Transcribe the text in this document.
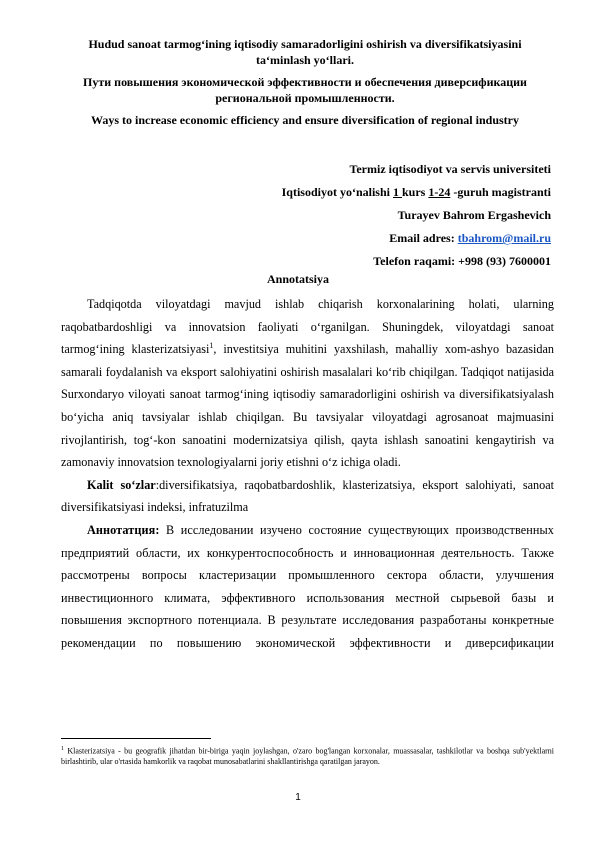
Hudud sanoat tarmog‘ining iqtisodiy samaradorligini oshirish va diversifikatsiyasini ta‘minlash yo‘llari.

Пути повышения экономической эффективности и обеспечения диверсификации региональной промышленности.

Ways to increase economic efficiency and ensure diversification of regional industry

Termiz iqtisodiyot va servis universiteti
Iqtisodiyot yo‘nalishi 1 kurs 1-24 -guruh magistranti
Turayev Bahrom Ergashevich
Email adres: tbahrom@mail.ru
Telefon raqami: +998 (93) 7600001
Annotatsiya

Tadqiqotda viloyatdagi mavjud ishlab chiqarish korxonalarining holati, ularning raqobatbardoshligi va innovatsion faoliyati o‘rganilgan. Shuningdek, viloyatdagi sanoat tarmog‘ining klasterizatsiyasi$^1$, investitsiya muhitini yaxshilash, mahalliy xom-ashyo bazasidan samarali foydalanish va eksport salohiyatini oshirish masalalari ko‘rib chiqilgan. Tadqiqot natijasida Surxondaryo viloyati sanoat tarmog‘ining iqtisodiy samaradorligini oshirish va diversifikatsiyalash bo‘yicha aniq tavsiyalar ishlab chiqilgan. Bu tavsiyalar viloyatdagi agrosanoat majmuasini rivojlantirish, tog‘-kon sanoatini modernizatsiya qilish, qayta ishlash sanoatini kengaytirish va zamonaviy innovatsion texnologiyalarni joriy etishni o‘z ichiga oladi.

Kalit so‘zlar:diversifikatsiya, raqobatbardoshlik, klasterizatsiya, eksport salohiyati, sanoat diversifikatsiyasi indeksi, infratuzilma

Аннотатция: В исследовании изучено состояние существующих производственных предприятий области, их конкурентоспособность и инновационная деятельность. Также рассмотрены вопросы кластеризации промышленного сектора области, улучшения инвестиционного климата, эффективного использования местной сырьевой базы и повышения экспортного потенциала. В результате исследования разработаны конкретные рекомендации по повышению экономической эффективности и диверсификации

$^1$ Klasterizatsiya - bu geografik jihatdan bir-biriga yaqin joylashgan, o'zaro bog'langan korxonalar, muassasalar, tashkilotlar va boshqa sub'yektlarni birlashtirib, ular o'rtasida hamkorlik va raqobat munosabatlarini shakllantirishga qaratilgan jarayon.
1
